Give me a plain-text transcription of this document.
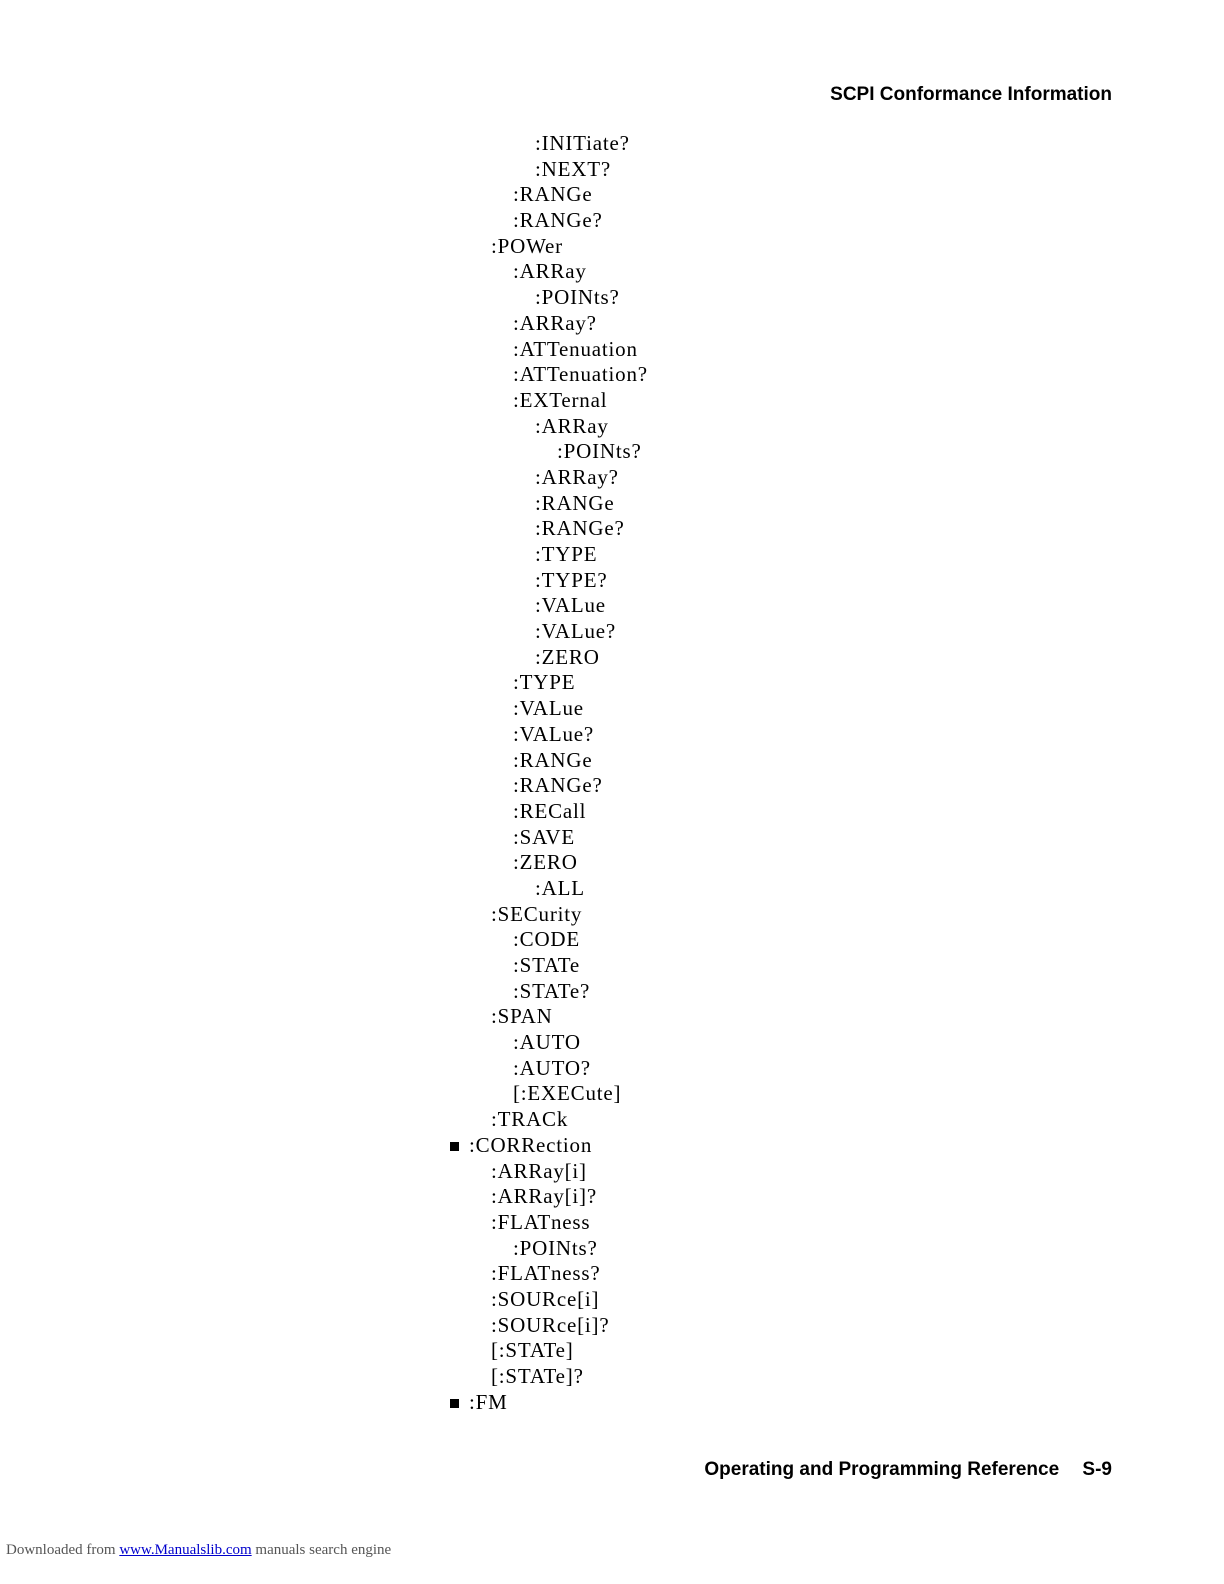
SCPI Conformance Information
:INITiate?
:NEXT?
:RANGe
:RANGe?
:POWer
:ARRay
:POINts?
:ARRay?
:ATTenuation
:ATTenuation?
:EXTernal
:ARRay
:POINts?
:ARRay?
:RANGe
:RANGe?
:TYPE
:TYPE?
:VALue
:VALue?
:ZERO
:TYPE
:VALue
:VALue?
:RANGe
:RANGe?
:RECall
:SAVE
:ZERO
:ALL
:SECurity
:CODE
:STATe
:STATe?
:SPAN
:AUTO
:AUTO?
[:EXECute]
:TRACk
:CORRection
:ARRay[i]
:ARRay[i]?
:FLATness
:POINts?
:FLATness?
:SOURce[i]
:SOURce[i]?
[:STATe]
[:STATe]?
:FM
Operating and Programming Reference S-9
Downloaded from www.Manualslib.com manuals search engine
